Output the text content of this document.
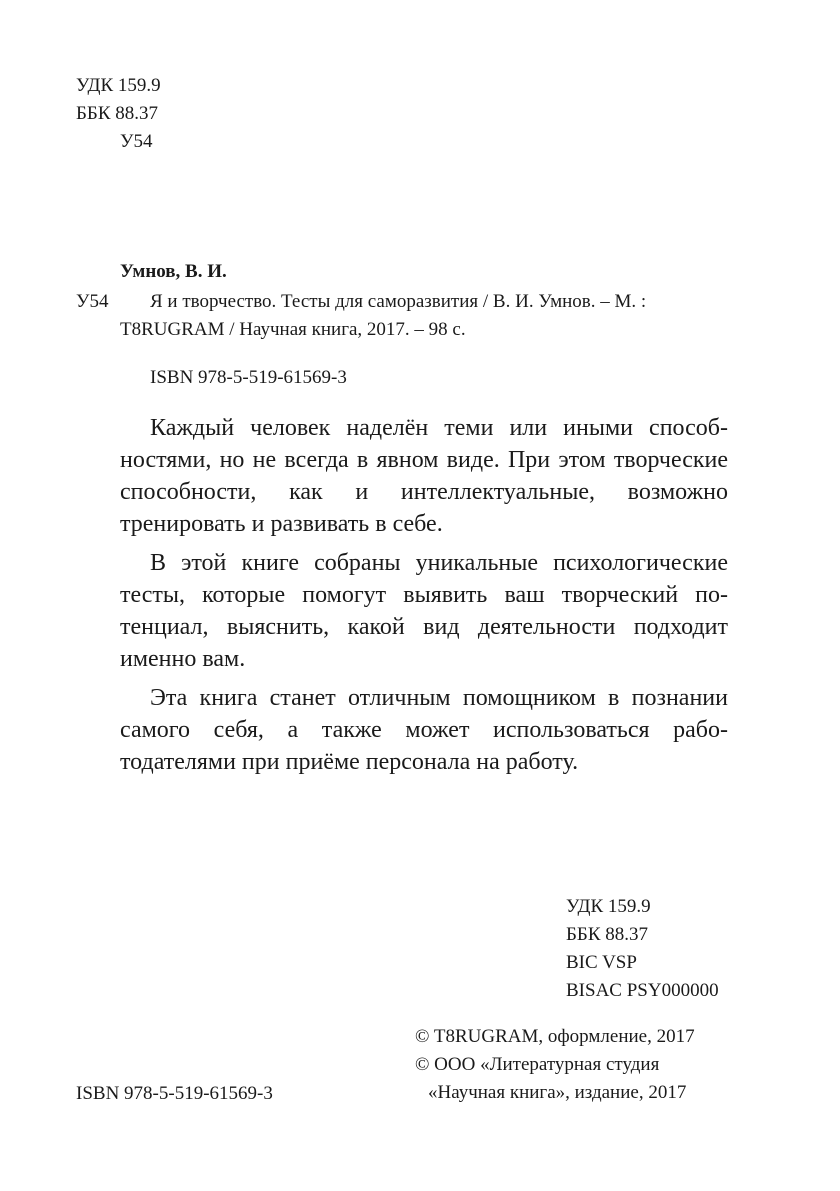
УДК 159.9
ББК 88.37
У54
Умнов, В. И.
У54	Я и творчество. Тесты для саморазвития / В. И. Умнов. – М. : T8RUGRAM / Научная книга, 2017. – 98 с.
ISBN 978-5-519-61569-3

Каждый человек наделён теми или иными способностями, но не всегда в явном виде. При этом творческие способности, как и интеллектуальные, возможно тренировать и развивать в себе.

В этой книге собраны уникальные психологические тесты, которые помогут выявить ваш творческий потенциал, выяснить, какой вид деятельности подходит именно вам.

Эта книга станет отличным помощником в познании самого себя, а также может использоваться работодателями при приёме персонала на работу.

УДК 159.9
ББК 88.37
BIC VSP
BISAC PSY000000
© T8RUGRAM, оформление, 2017
© ООО «Литературная студия
«Научная книга», издание, 2017
ISBN 978-5-519-61569-3
